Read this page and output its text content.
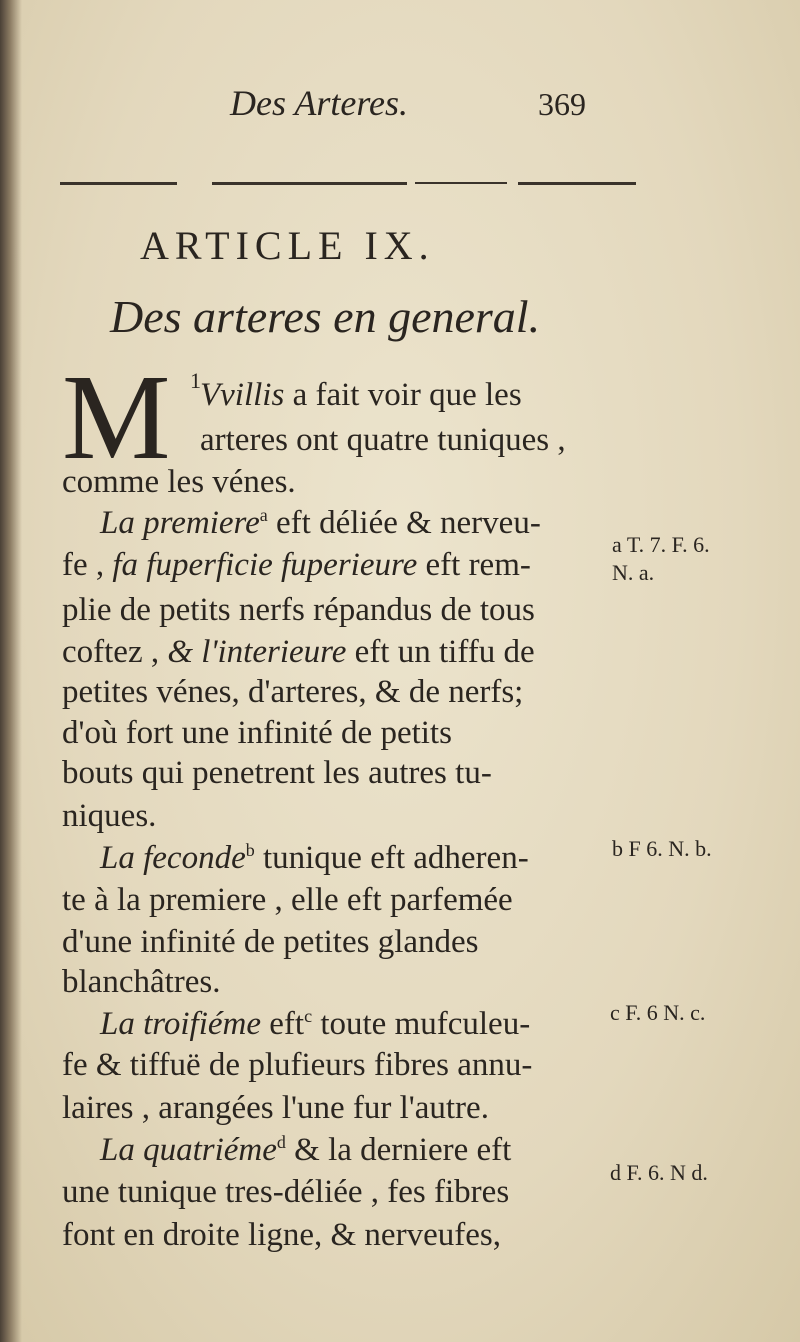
Des Arteres.	369
ARTICLE IX.
Des arteres en general.
M 1 Vvillis a fait voir que les
arteres ont quatre tuniques ,
comme les vénes.
La premiere$^a$ eft déliée & nerveu-
fe , fa fuperficie fuperieure eft rem-
plie de petits nerfs répandus de tous
coftez , & l'interieure eft un tiffu de
petites vénes, d'arteres, & de nerfs;
d'où fort une infinité de petits
bouts qui penetrent les autres tu-
niques.
La feconde$^b$ tunique eft adheren-
te à la premiere , elle eft parfemée
d'une infinité de petites glandes
blanchâtres.
La troifiéme eft$^c$ toute mufculeu-
fe & tiffuë de plufieurs fibres annu-
laires , arangées l'une fur l'autre.
La quatriéme$^d$ & la derniere eft
une tunique tres-déliée , fes fibres
font en droite ligne, & nerveufes,
a T. 7. F. 6.
N. a.
b F 6. N. b.
c F. 6 N. c.
d F. 6. N d.
